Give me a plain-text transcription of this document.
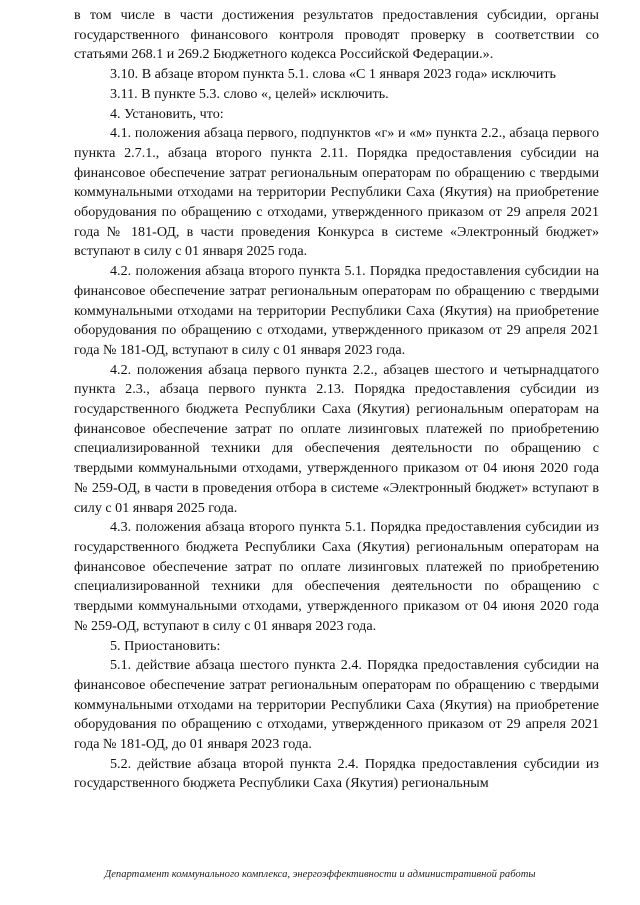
в том числе в части достижения результатов предоставления субсидии, органы государственного финансового контроля проводят проверку в соответствии со статьями 268.1 и 269.2 Бюджетного кодекса Российской Федерации.».

3.10. В абзаце втором пункта 5.1. слова «С 1 января 2023 года» исключить

3.11. В пункте 5.3. слово «, целей» исключить.

4. Установить, что:

4.1. положения абзаца первого, подпунктов «г» и «м» пункта 2.2., абзаца первого пункта 2.7.1., абзаца второго пункта 2.11. Порядка предоставления субсидии на финансовое обеспечение затрат региональным операторам по обращению с твердыми коммунальными отходами на территории Республики Саха (Якутия) на приобретение оборудования по обращению с отходами, утвержденного приказом от 29 апреля 2021 года № 181-ОД, в части проведения Конкурса в системе «Электронный бюджет» вступают в силу с 01 января 2025 года.

4.2. положения абзаца второго пункта 5.1. Порядка предоставления субсидии на финансовое обеспечение затрат региональным операторам по обращению с твердыми коммунальными отходами на территории Республики Саха (Якутия) на приобретение оборудования по обращению с отходами, утвержденного приказом от 29 апреля 2021 года № 181-ОД, вступают в силу с 01 января 2023 года.

4.2. положения абзаца первого пункта 2.2., абзацев шестого и четырнадцатого пункта 2.3., абзаца первого пункта 2.13. Порядка предоставления субсидии из государственного бюджета Республики Саха (Якутия) региональным операторам на финансовое обеспечение затрат по оплате лизинговых платежей по приобретению специализированной техники для обеспечения деятельности по обращению с твердыми коммунальными отходами, утвержденного приказом от 04 июня 2020 года № 259-ОД, в части в проведения отбора в системе «Электронный бюджет» вступают в силу с 01 января 2025 года.

4.3. положения абзаца второго пункта 5.1. Порядка предоставления субсидии из государственного бюджета Республики Саха (Якутия) региональным операторам на финансовое обеспечение затрат по оплате лизинговых платежей по приобретению специализированной техники для обеспечения деятельности по обращению с твердыми коммунальными отходами, утвержденного приказом от 04 июня 2020 года № 259-ОД, вступают в силу с 01 января 2023 года.

5. Приостановить:

5.1. действие абзаца шестого пункта 2.4. Порядка предоставления субсидии на финансовое обеспечение затрат региональным операторам по обращению с твердыми коммунальными отходами на территории Республики Саха (Якутия) на приобретение оборудования по обращению с отходами, утвержденного приказом от 29 апреля 2021 года № 181-ОД, до 01 января 2023 года.

5.2. действие абзаца второй пункта 2.4. Порядка предоставления субсидии из государственного бюджета Республики Саха (Якутия) региональным

Департамент коммунального комплекса, энергоэффективности и административной работы
